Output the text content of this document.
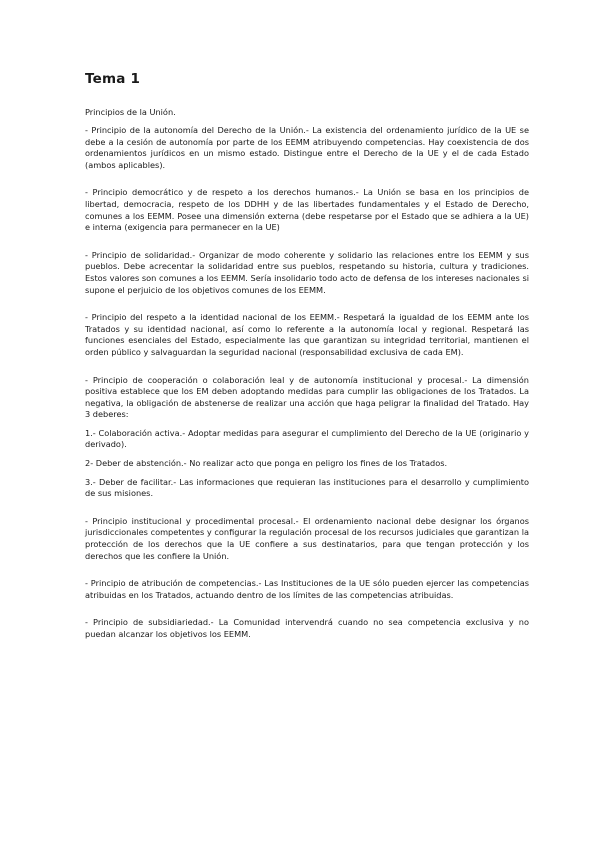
Tema 1

Principios de la Unión.

- Principio de la autonomía del Derecho de la Unión.- La existencia del ordenamiento jurídico de la UE se debe a la cesión de autonomía por parte de los EEMM atribuyendo competencias. Hay coexistencia de dos ordenamientos jurídicos en un mismo estado. Distingue entre el Derecho de la UE y el de cada Estado (ambos aplicables).

- Principio democrático y de respeto a los derechos humanos.- La Unión se basa en los principios de libertad, democracia, respeto de los DDHH y de las libertades fundamentales y el Estado de Derecho, comunes a los EEMM. Posee una dimensión externa (debe respetarse por el Estado que se adhiera a la UE) e interna (exigencia para permanecer en la UE)

- Principio de solidaridad.- Organizar de modo coherente y solidario las relaciones entre los EEMM y sus pueblos. Debe acrecentar la solidaridad entre sus pueblos, respetando su historia, cultura y tradiciones. Estos valores son comunes a los EEMM. Sería insolidario todo acto de defensa de los intereses nacionales si supone el perjuicio de los objetivos comunes de los EEMM.

- Principio del respeto a la identidad nacional de los EEMM.- Respetará la igualdad de los EEMM ante los Tratados y su identidad nacional, así como lo referente a la autonomía local y regional. Respetará las funciones esenciales del Estado, especialmente las que garantizan su integridad territorial, mantienen el orden público y salvaguardan la seguridad nacional (responsabilidad exclusiva de cada EM).

- Principio de cooperación o colaboración leal y de autonomía institucional y procesal.- La dimensión positiva establece que los EM deben adoptando medidas para cumplir las obligaciones de los Tratados. La negativa, la obligación de abstenerse de realizar una acción que haga peligrar la finalidad del Tratado. Hay 3 deberes:

1.- Colaboración activa.- Adoptar medidas para asegurar el cumplimiento del Derecho de la UE (originario y derivado).

2- Deber de abstención.- No realizar acto que ponga en peligro los fines de los Tratados.

3.- Deber de facilitar.- Las informaciones que requieran las instituciones para el desarrollo y cumplimiento de sus misiones.

- Principio institucional y procedimental procesal.- El ordenamiento nacional debe designar los órganos jurisdiccionales competentes y configurar la regulación procesal de los recursos judiciales que garantizan la protección de los derechos que la UE confiere a sus destinatarios, para que tengan protección y los derechos que les confiere la Unión.

- Principio de atribución de competencias.- Las Instituciones de la UE sólo pueden ejercer las competencias atribuidas en los Tratados, actuando dentro de los límites de las competencias atribuidas.

- Principio de subsidiariedad.- La Comunidad intervendrá cuando no sea competencia exclusiva y no puedan alcanzar los objetivos los EEMM.
